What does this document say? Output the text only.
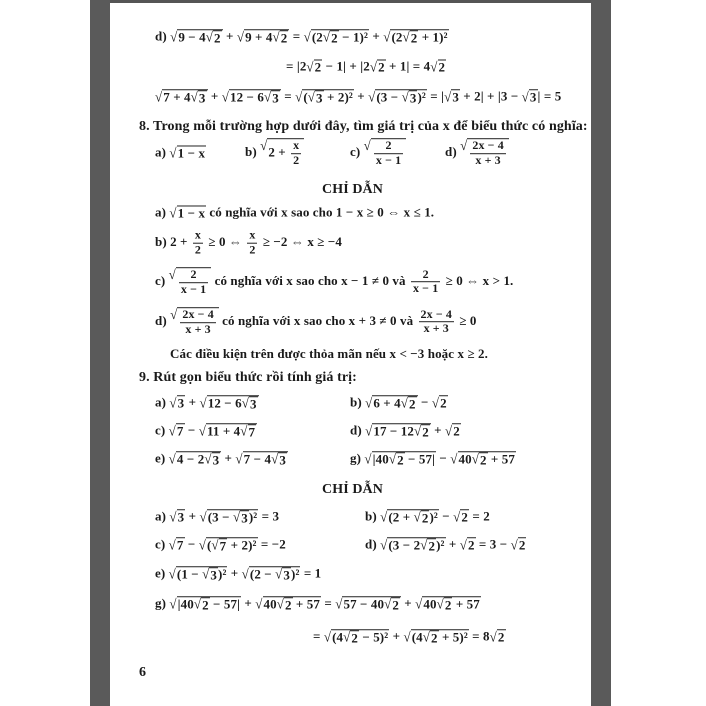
d) √ 9 − 4 √ 2 + √ 9 + 4 √ 2 = √ (2 √ 2 − 1)² + √ (2 √ 2 + 1)²
= |2 √ 2 − 1| + |2 √ 2 + 1| = 4 √ 2
√ 7 + 4 √ 3 + √ 12 − 6 √ 3 = √ ( √ 3 + 2)² + √ (3 − √ 3 )² = | √ 3 + 2| + |3 − √ 3 | = 5
8. Trong mỗi trường hợp dưới đây, tìm giá trị của x để biểu thức có nghĩa:
a) √ 1 − x	b) √ $2 + \frac{x}{2}$	c) √ $\frac{2}{x - 1}$	d) √ $\frac{2x - 4}{x + 3}$
CHỈ DẪN
a) √ 1 − x có nghĩa với x sao cho 1 − x ≥ 0 ⇔ x ≤ 1.
b) $2 + \frac{x}{2} \ge 0$ ⇔ $\frac{x}{2} \ge -2$ ⇔ x ≥ −4
c) √ $\frac{2}{x - 1}$ có nghĩa với x sao cho x − 1 ≠ 0 và $\frac{2}{x - 1} \ge 0$ ⇔ x > 1.
d) √ $\frac{2x - 4}{x + 3}$ có nghĩa với x sao cho x + 3 ≠ 0 và $\frac{2x - 4}{x + 3} \ge 0$
Các điều kiện trên được thỏa mãn nếu x < −3 hoặc x ≥ 2.
9. Rút gọn biểu thức rồi tính giá trị:
a) √ 3 + √ 12 − 6 √ 3	b) √ 6 + 4 √ 2 − √ 2
c) √ 7 − √ 11 + 4 √ 7	d) √ 17 − 12 √ 2 + √ 2
e) √ 4 − 2 √ 3 + √ 7 − 4 √ 3	g) √ |40 √ 2 − 57| − √ 40 √ 2 + 57
CHỈ DẪN
a) √ 3 + √ (3 − √ 3 )² = 3	b) √ (2 + √ 2 )² − √ 2 = 2
c) √ 7 − √ ( √ 7 + 2)² = −2	d) √ (3 − 2 √ 2 )² + √ 2 = 3 − √ 2
e) √ (1 − √ 3 )² + √ (2 − √ 3 )² = 1
g) √ |40 √ 2 − 57| + √ 40 √ 2 + 57 = √ 57 − 40 √ 2 + √ 40 √ 2 + 57
= √ (4 √ 2 − 5)² + √ (4 √ 2 + 5)² = 8 √ 2
6
